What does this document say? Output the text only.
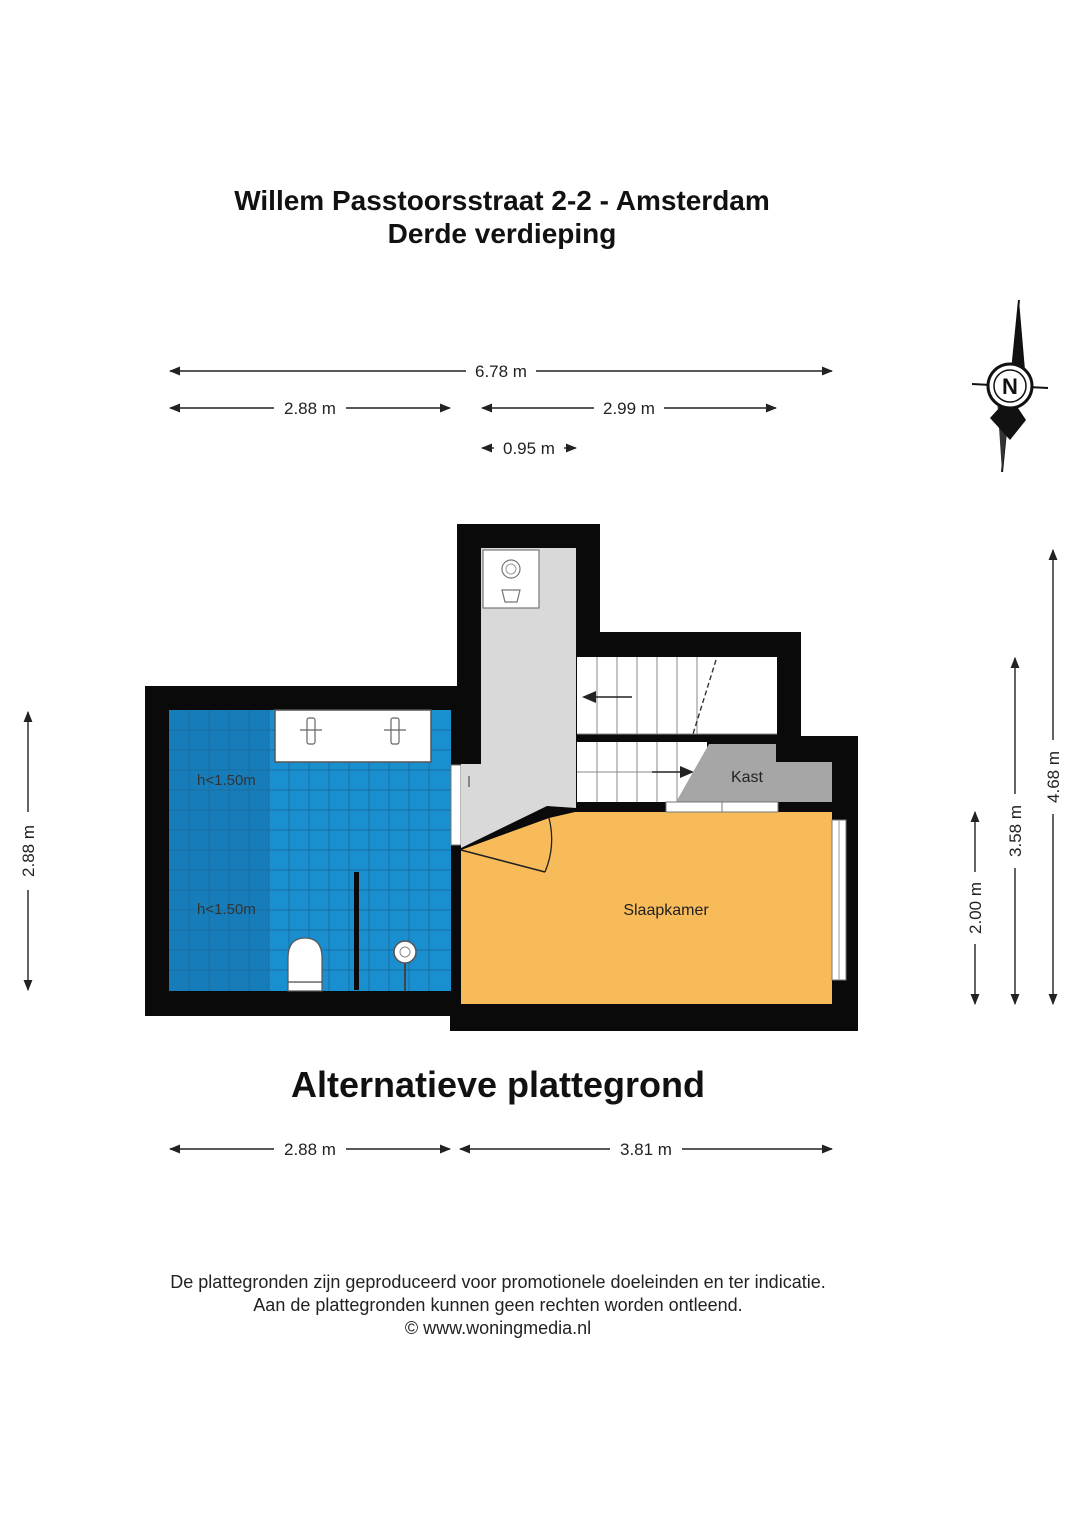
Willem Passtoorsstraat 2-2 - Amsterdam
Derde verdieping
N
6.78 m
2.88 m	2.99 m
0.95 m
2.88 m
2.00 m
3.58 m
4.68 m
h<1.50m
h<1.50m
Kast
Slaapkamer
Alternatieve plattegrond
2.88 m	3.81 m
De plattegronden zijn geproduceerd voor promotionele doeleinden en ter indicatie.
Aan de plattegronden kunnen geen rechten worden ontleend.
© www.woningmedia.nl
